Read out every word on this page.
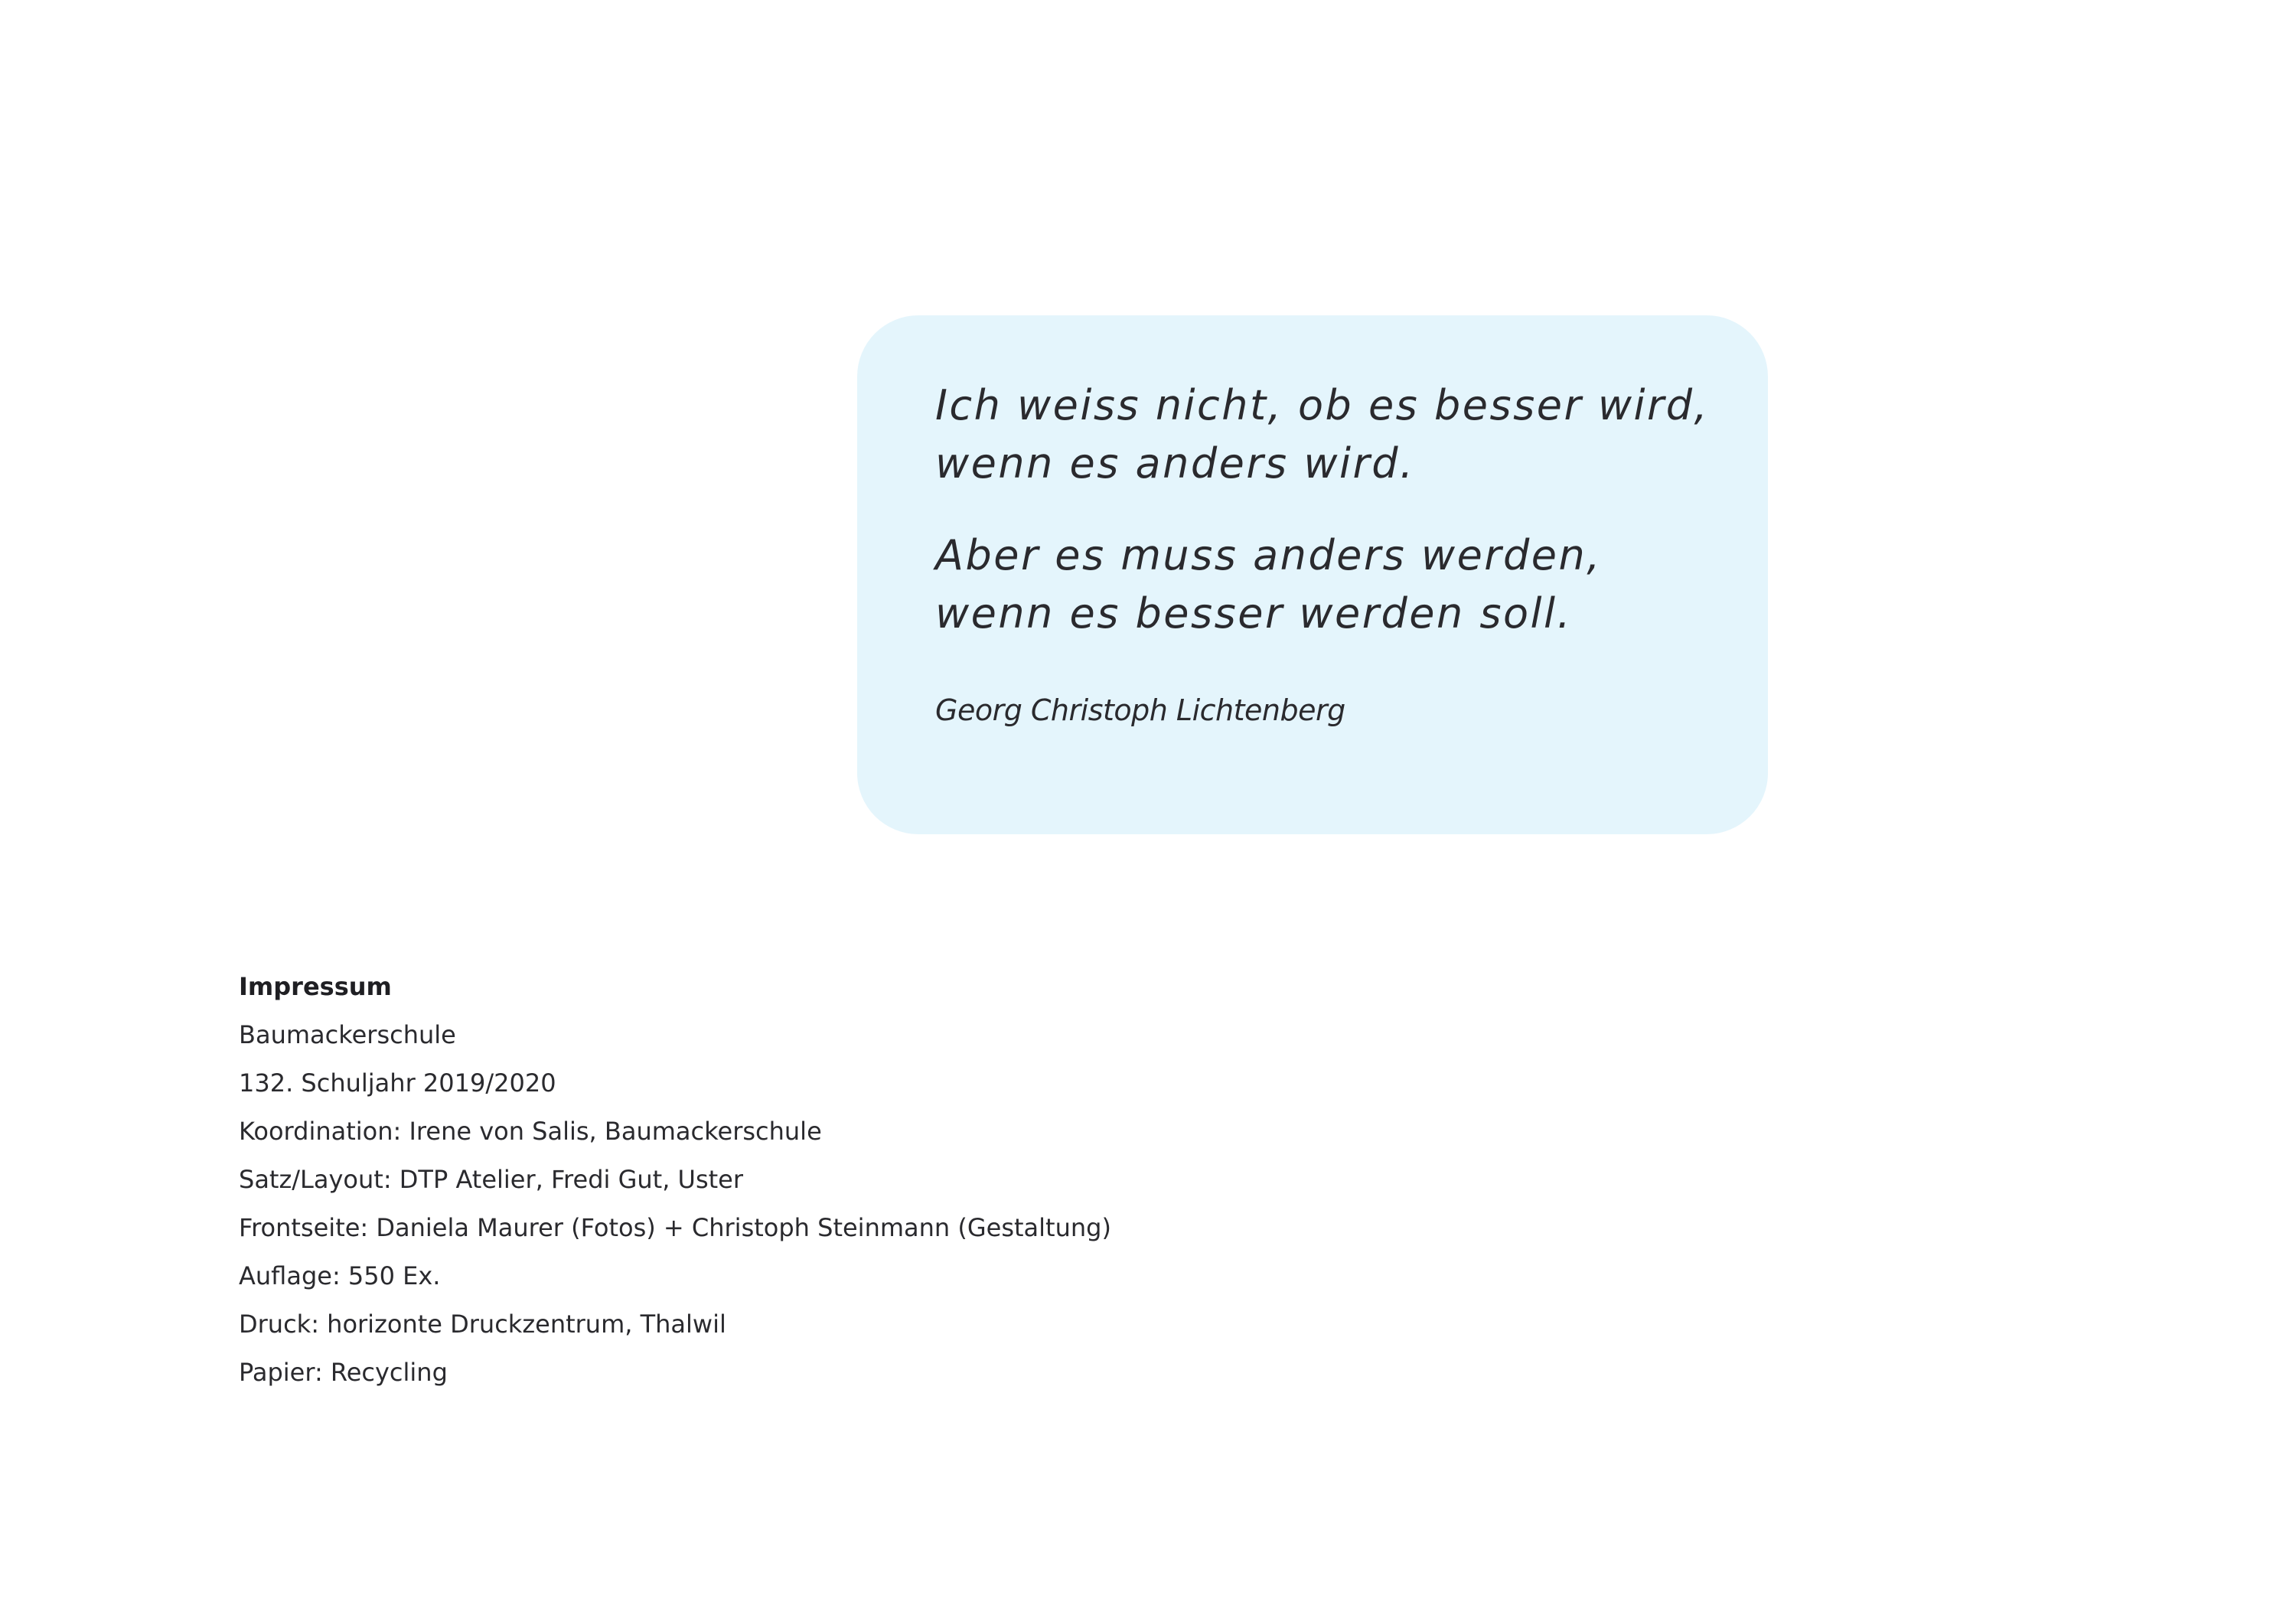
Ich weiss nicht, ob es besser wird,
wenn es anders wird.

Aber es muss anders werden,
wenn es besser werden soll.

Georg Christoph Lichtenberg

Impressum
Baumackerschule
132. Schuljahr 2019/2020
Koordination: Irene von Salis, Baumackerschule
Satz/Layout: DTP Atelier, Fredi Gut, Uster
Frontseite: Daniela Maurer (Fotos) + Christoph Steinmann (Gestaltung)
Auflage: 550 Ex.
Druck: horizonte Druckzentrum, Thalwil
Papier: Recycling
